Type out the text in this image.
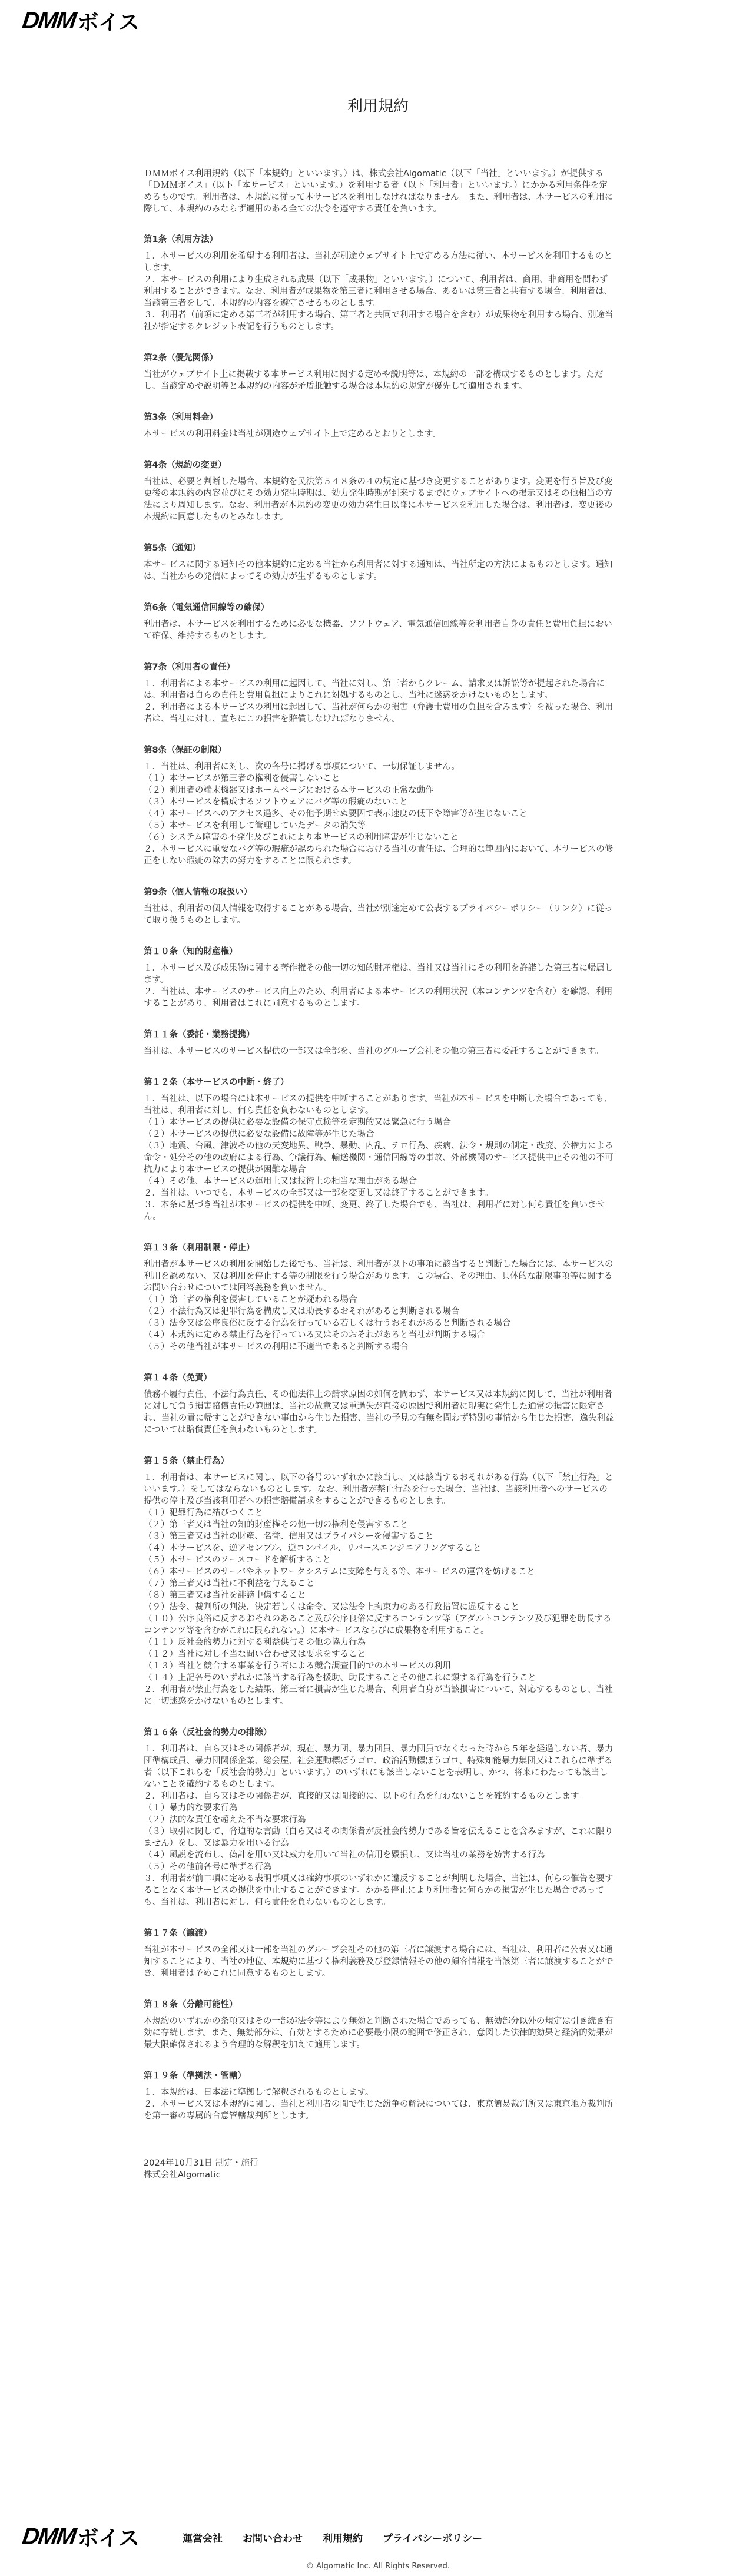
DMM ボイス
利用規約

ＤＭＭボイス利用規約（以下「本規約」といいます。）は、株式会社Algomatic（以下「当社」といいます。）が提供する「ＤＭＭボイス」（以下「本サービス」といいます。）を利用する者（以下「利用者」といいます。）にかかる利用条件を定めるものです。利用者は、本規約に従って本サービスを利用しなければなりません。また、利用者は、本サービスの利用に際して、本規約のみならず適用のある全ての法令を遵守する責任を負います。

第1条（利用方法）

１．本サービスの利用を希望する利用者は、当社が別途ウェブサイト上で定める方法に従い、本サービスを利用するものとします。

２．本サービスの利用により生成される成果（以下「成果物」といいます。）について、利用者は、商用、非商用を問わず利用することができます。なお、利用者が成果物を第三者に利用させる場合、あるいは第三者と共有する場合、利用者は、当該第三者をして、本規約の内容を遵守させるものとします。

３．利用者（前項に定める第三者が利用する場合、第三者と共同で利用する場合を含む）が成果物を利用する場合、別途当社が指定するクレジット表記を行うものとします。

第2条（優先関係）

当社がウェブサイト上に掲載する本サービス利用に関する定めや説明等は、本規約の一部を構成するものとします。ただし、当該定めや説明等と本規約の内容が矛盾抵触する場合は本規約の規定が優先して適用されます。

第3条（利用料金）

本サービスの利用料金は当社が別途ウェブサイト上で定めるとおりとします。

第4条（規約の変更）

当社は、必要と判断した場合、本規約を民法第５４８条の４の規定に基づき変更することがあります。変更を行う旨及び変更後の本規約の内容並びにその効力発生時期は、効力発生時期が到来するまでにウェブサイトへの掲示又はその他相当の方法により周知します。なお、利用者が本規約の変更の効力発生日以降に本サービスを利用した場合は、利用者は、変更後の本規約に同意したものとみなします。

第5条（通知）

本サービスに関する通知その他本規約に定める当社から利用者に対する通知は、当社所定の方法によるものとします。通知は、当社からの発信によってその効力が生ずるものとします。

第6条（電気通信回線等の確保）

利用者は、本サービスを利用するために必要な機器、ソフトウェア、電気通信回線等を利用者自身の責任と費用負担において確保、維持するものとします。

第7条（利用者の責任）

１．利用者による本サービスの利用に起因して、当社に対し、第三者からクレーム、請求又は訴訟等が提起された場合には、利用者は自らの責任と費用負担によりこれに対処するものとし、当社に迷惑をかけないものとします。

２．利用者による本サービスの利用に起因して、当社が何らかの損害（弁護士費用の負担を含みます）を被った場合、利用者は、当社に対し、直ちにこの損害を賠償しなければなりません。

第8条（保証の制限）

１．当社は、利用者に対し、次の各号に掲げる事項について、一切保証しません。

（１）本サービスが第三者の権利を侵害しないこと

（２）利用者の端末機器又はホームページにおける本サービスの正常な動作

（３）本サービスを構成するソフトウェアにバグ等の瑕疵のないこと

（４）本サービスへのアクセス過多、その他予期せぬ要因で表示速度の低下や障害等が生じないこと

（５）本サービスを利用して管理していたデータの消失等

（６）システム障害の不発生及びこれにより本サービスの利用障害が生じないこと

２．本サービスに重要なバグ等の瑕疵が認められた場合における当社の責任は、合理的な範囲内において、本サービスの修正をしない瑕疵の除去の努力をすることに限られます。

第9条（個人情報の取扱い）

当社は、利用者の個人情報を取得することがある場合、当社が別途定めて公表するプライバシーポリシー（リンク）に従って取り扱うものとします。

第１０条（知的財産権）

１．本サービス及び成果物に関する著作権その他一切の知的財産権は、当社又は当社にその利用を許諾した第三者に帰属します。

２．当社は、本サービスのサービス向上のため、利用者による本サービスの利用状況（本コンテンツを含む）を確認、利用することがあり、利用者はこれに同意するものとします。

第１１条（委託・業務提携）

当社は、本サービスのサービス提供の一部又は全部を、当社のグループ会社その他の第三者に委託することができます。

第１２条（本サービスの中断・終了）

１．当社は、以下の場合には本サービスの提供を中断することがあります。当社が本サービスを中断した場合であっても、当社は、利用者に対し、何ら責任を負わないものとします。

（１）本サービスの提供に必要な設備の保守点検等を定期的又は緊急に行う場合

（２）本サービスの提供に必要な設備に故障等が生じた場合

（３）地震、台風、津波その他の天変地異、戦争、暴動、内乱、テロ行為、疾病、法令・規則の制定・改廃、公権力による命令・処分その他の政府による行為、争議行為、輸送機関・通信回線等の事故、外部機関のサービス提供中止その他の不可抗力により本サービスの提供が困難な場合

（４）その他、本サービスの運用上又は技術上の相当な理由がある場合

２．当社は、いつでも、本サービスの全部又は一部を変更し又は終了することができます。

３．本条に基づき当社が本サービスの提供を中断、変更、終了した場合でも、当社は、利用者に対し何ら責任を負いません。

第１３条（利用制限・停止）

利用者が本サービスの利用を開始した後でも、当社は、利用者が以下の事項に該当すると判断した場合には、本サービスの利用を認めない、又は利用を停止する等の制限を行う場合があります。この場合、その理由、具体的な制限事項等に関するお問い合わせについては回答義務を負いません。

（１）第三者の権利を侵害していることが疑われる場合

（２）不法行為又は犯罪行為を構成し又は助長するおそれがあると判断される場合

（３）法令又は公序良俗に反する行為を行っている若しくは行うおそれがあると判断される場合

（４）本規約に定める禁止行為を行っている又はそのおそれがあると当社が判断する場合

（５）その他当社が本サービスの利用に不適当であると判断する場合

第１４条（免責）

債務不履行責任、不法行為責任、その他法律上の請求原因の如何を問わず、本サービス又は本規約に関して、当社が利用者に対して負う損害賠償責任の範囲は、当社の故意又は重過失が直接の原因で利用者に現実に発生した通常の損害に限定され、当社の責に帰すことができない事由から生じた損害、当社の予見の有無を問わず特別の事情から生じた損害、逸失利益については賠償責任を負わないものとします。

第１５条（禁止行為）

１．利用者は、本サービスに関し、以下の各号のいずれかに該当し、又は該当するおそれがある行為（以下「禁止行為」といいます。）をしてはならないものとします。なお、利用者が禁止行為を行った場合、当社は、当該利用者へのサービスの提供の停止及び当該利用者への損害賠償請求をすることができるものとします。

（１）犯罪行為に結びつくこと

（２）第三者又は当社の知的財産権その他一切の権利を侵害すること

（３）第三者又は当社の財産、名誉、信用又はプライバシーを侵害すること

（４）本サービスを、逆アセンブル、逆コンパイル、リバースエンジニアリングすること

（５）本サービスのソースコードを解析すること

（６）本サービスのサーバやネットワークシステムに支障を与える等、本サービスの運営を妨げること

（７）第三者又は当社に不利益を与えること

（８）第三者又は当社を誹謗中傷すること

（９）法令、裁判所の判決、決定若しくは命令、又は法令上拘束力のある行政措置に違反すること

（１０）公序良俗に反するおそれのあること及び公序良俗に反するコンテンツ等（アダルトコンテンツ及び犯罪を助長するコンテンツ等を含むがこれに限られない。）に本サービスならびに成果物を利用すること。

（１１）反社会的勢力に対する利益供与その他の協力行為

（１２）当社に対し不当な問い合わせ又は要求をすること

（１３）当社と競合する事業を行う者による競合調査目的での本サービスの利用

（１４）上記各号のいずれかに該当する行為を援助、助長することその他これに類する行為を行うこと

２．利用者が禁止行為をした結果、第三者に損害が生じた場合、利用者自身が当該損害について、対応するものとし、当社に一切迷惑をかけないものとします。

第１６条（反社会的勢力の排除）

１．利用者は、自ら又はその関係者が、現在、暴力団、暴力団員、暴力団員でなくなった時から５年を経過しない者、暴力団準構成員、暴力団関係企業、総会屋、社会運動標ぼうゴロ、政治活動標ぼうゴロ、特殊知能暴力集団又はこれらに準ずる者（以下これらを「反社会的勢力」といいます。）のいずれにも該当しないことを表明し、かつ、将来にわたっても該当しないことを確約するものとします。

２．利用者は、自ら又はその関係者が、直接的又は間接的に、以下の行為を行わないことを確約するものとします。

（１）暴力的な要求行為

（２）法的な責任を超えた不当な要求行為

（３）取引に関して、脅迫的な言動（自ら又はその関係者が反社会的勢力である旨を伝えることを含みますが、これに限りません）をし、又は暴力を用いる行為

（４）風説を流布し、偽計を用い又は威力を用いて当社の信用を毀損し、又は当社の業務を妨害する行為

（５）その他前各号に準ずる行為

３．利用者が前二項に定める表明事項又は確約事項のいずれかに違反することが判明した場合、当社は、何らの催告を要することなく本サービスの提供を中止することができます。かかる停止により利用者に何らかの損害が生じた場合であっても、当社は、利用者に対し、何ら責任を負わないものとします。

第１７条（譲渡）

当社が本サービスの全部又は一部を当社のグループ会社その他の第三者に譲渡する場合には、当社は、利用者に公表又は通知することにより、当社の地位、本規約に基づく権利義務及び登録情報その他の顧客情報を当該第三者に譲渡することができ、利用者は予めこれに同意するものとします。

第１８条（分離可能性）

本規約のいずれかの条項又はその一部が法令等により無効と判断された場合であっても、無効部分以外の規定は引き続き有効に存続します。また、無効部分は、有効とするために必要最小限の範囲で修正され、意図した法律的効果と経済的効果が最大限確保されるよう合理的な解釈を加えて適用します。

第１９条（準拠法・管轄）

１．本規約は、日本法に準拠して解釈されるものとします。

２．本サービス又は本規約に関し、当社と利用者の間で生じた紛争の解決については、東京簡易裁判所又は東京地方裁判所を第一審の専属的合意管轄裁判所とします。

2024年10月31日 制定・施行

株式会社Algomatic

DMM ボイス	運営会社 お問い合わせ 利用規約 プライバシーポリシー
© Algomatic Inc. All Rights Reserved.
